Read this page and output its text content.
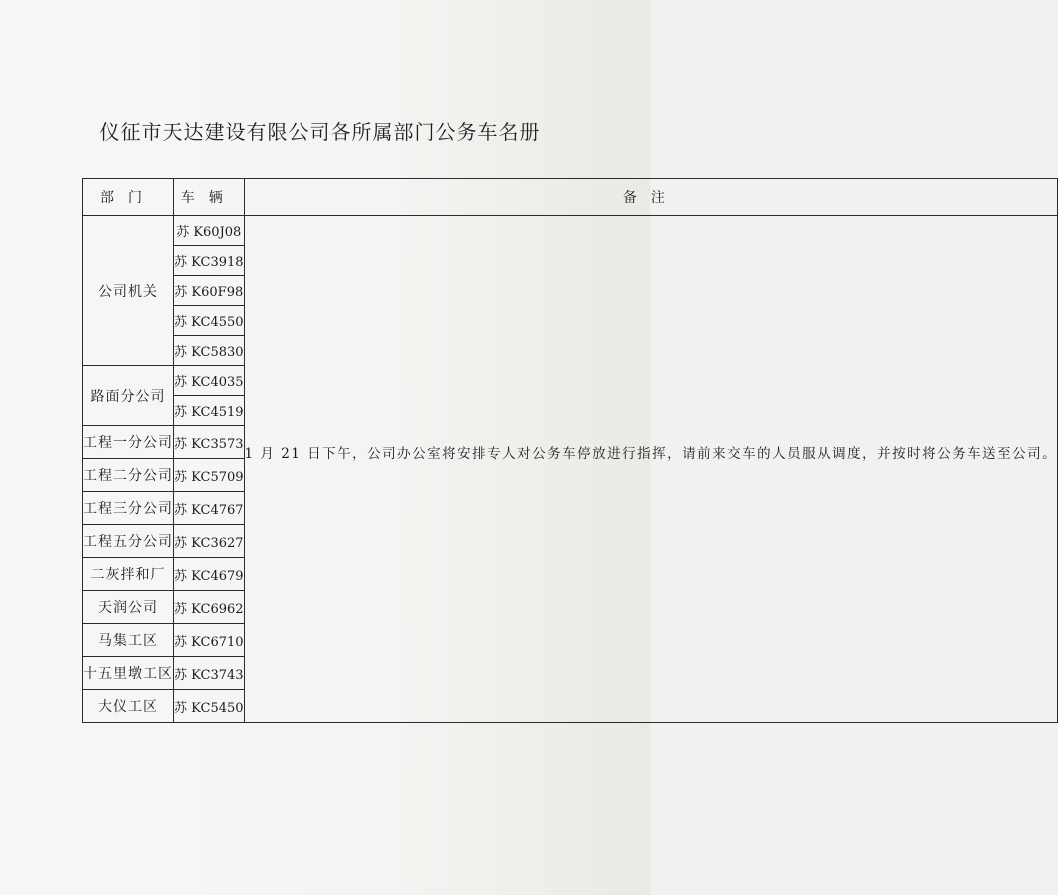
仪征市天达建设有限公司各所属部门公务车名册
部门	车辆	备注
公司机关	苏 K60J08	1 月 21 日下午，公司办公室将安排专人对公务车停放进行指挥，请前来交车的人员服从调度，并按时将公务车送至公司。

	苏 KC3918	
	苏 K60F98	
	苏 KC4550	
	苏 KC5830	
路面分公司	苏 KC4035	
	苏 KC4519	
工程一分公司	苏 KC3573	
工程二分公司	苏 KC5709	
工程三分公司	苏 KC4767	
工程五分公司	苏 KC3627	
二灰拌和厂	苏 KC4679	
天润公司	苏 KC6962	
马集工区	苏 KC6710	
十五里墩工区	苏 KC3743	
大仪工区	苏 KC5450	
